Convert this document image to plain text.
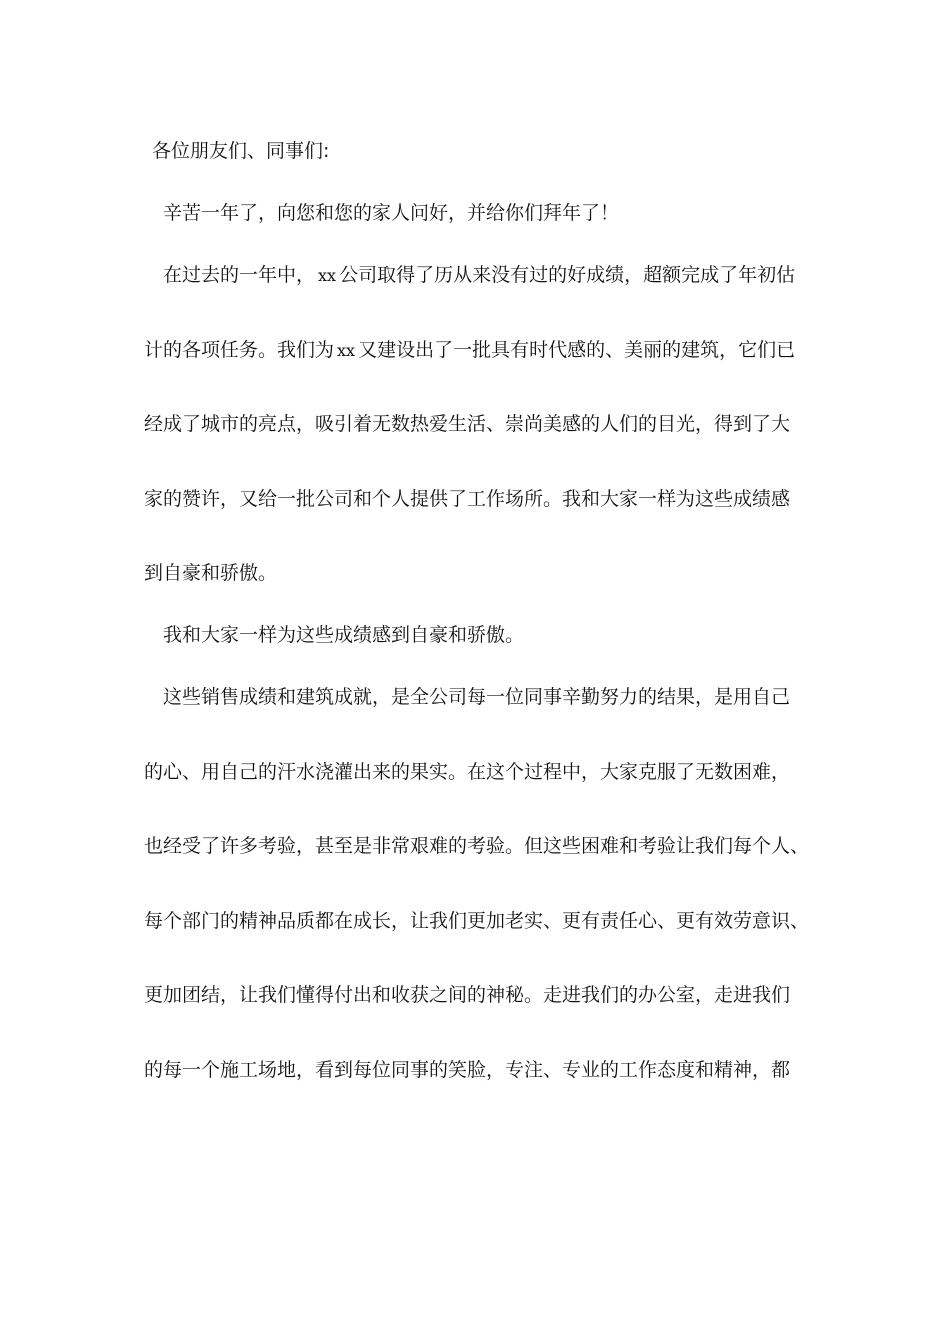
各位朋友们、同事们:
辛苦一年了，向您和您的家人问好，并给你们拜年了！
在过去的一年中， xx 公司取得了历从来没有过的好成绩，超额完成了年初估
计的各项任务。我们为 xx 又建设出了一批具有时代感的、美丽的建筑，它们已
经成了城市的亮点，吸引着无数热爱生活、崇尚美感的人们的目光，得到了大
家的赞许，又给一批公司和个人提供了工作场所。我和大家一样为这些成绩感
到自豪和骄傲。
我和大家一样为这些成绩感到自豪和骄傲。
这些销售成绩和建筑成就，是全公司每一位同事辛勤努力的结果，是用自己
的心、用自己的汗水浇灌出来的果实。在这个过程中，大家克服了无数困难，
也经受了许多考验，甚至是非常艰难的考验。但这些困难和考验让我们每个人、
每个部门的精神品质都在成长，让我们更加老实、更有责任心、更有效劳意识、
更加团结，让我们懂得付出和收获之间的神秘。走进我们的办公室，走进我们
的每一个施工场地，看到每位同事的笑脸，专注、专业的工作态度和精神，都
